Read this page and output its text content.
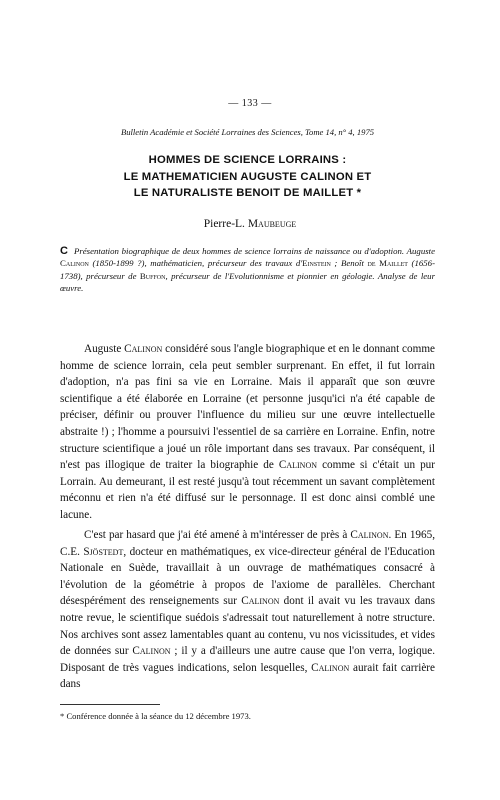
— 133 —
Bulletin Académie et Société Lorraines des Sciences, Tome 14, n° 4, 1975
HOMMES DE SCIENCE LORRAINS :
LE MATHEMATICIEN AUGUSTE CALINON ET
LE NATURALISTE BENOIT DE MAILLET *
Pierre-L. Maubeuge
C Présentation biographique de deux hommes de science lorrains de naissance ou d'adoption. Auguste Calinon (1850-1899 ?), mathématicien, précurseur des travaux d'Einstein ; Benoît de Maillet (1656-1738), précurseur de Buffon, précurseur de l'Evolutionnisme et pionnier en géologie. Analyse de leur œuvre.

Auguste Calinon considéré sous l'angle biographique et en le donnant comme homme de science lorrain, cela peut sembler surprenant. En effet, il fut lorrain d'adoption, n'a pas fini sa vie en Lorraine. Mais il apparaît que son œuvre scientifique a été élaborée en Lorraine (et personne jusqu'ici n'a été capable de préciser, définir ou prouver l'influence du milieu sur une œuvre intellectuelle abstraite !) ; l'homme a poursuivi l'essentiel de sa carrière en Lorraine. Enfin, notre structure scientifique a joué un rôle important dans ses travaux. Par conséquent, il n'est pas illogique de traiter la biographie de Calinon comme si c'était un pur Lorrain. Au demeurant, il est resté jusqu'à tout récemment un savant complètement méconnu et rien n'a été diffusé sur le personnage. Il est donc ainsi comblé une lacune.

C'est par hasard que j'ai été amené à m'intéresser de près à Calinon. En 1965, C.E. Sjöstedt, docteur en mathématiques, ex vice-directeur général de l'Education Nationale en Suède, travaillait à un ouvrage de mathématiques consacré à l'évolution de la géométrie à propos de l'axiome de parallèles. Cherchant désespérément des renseignements sur Calinon dont il avait vu les travaux dans notre revue, le scientifique suédois s'adressait tout naturellement à notre structure. Nos archives sont assez lamentables quant au contenu, vu nos vicissitudes, et vides de données sur Calinon ; il y a d'ailleurs une autre cause que l'on verra, logique. Disposant de très vagues indications, selon lesquelles, Calinon aurait fait carrière dans

* Conférence donnée à la séance du 12 décembre 1973.
